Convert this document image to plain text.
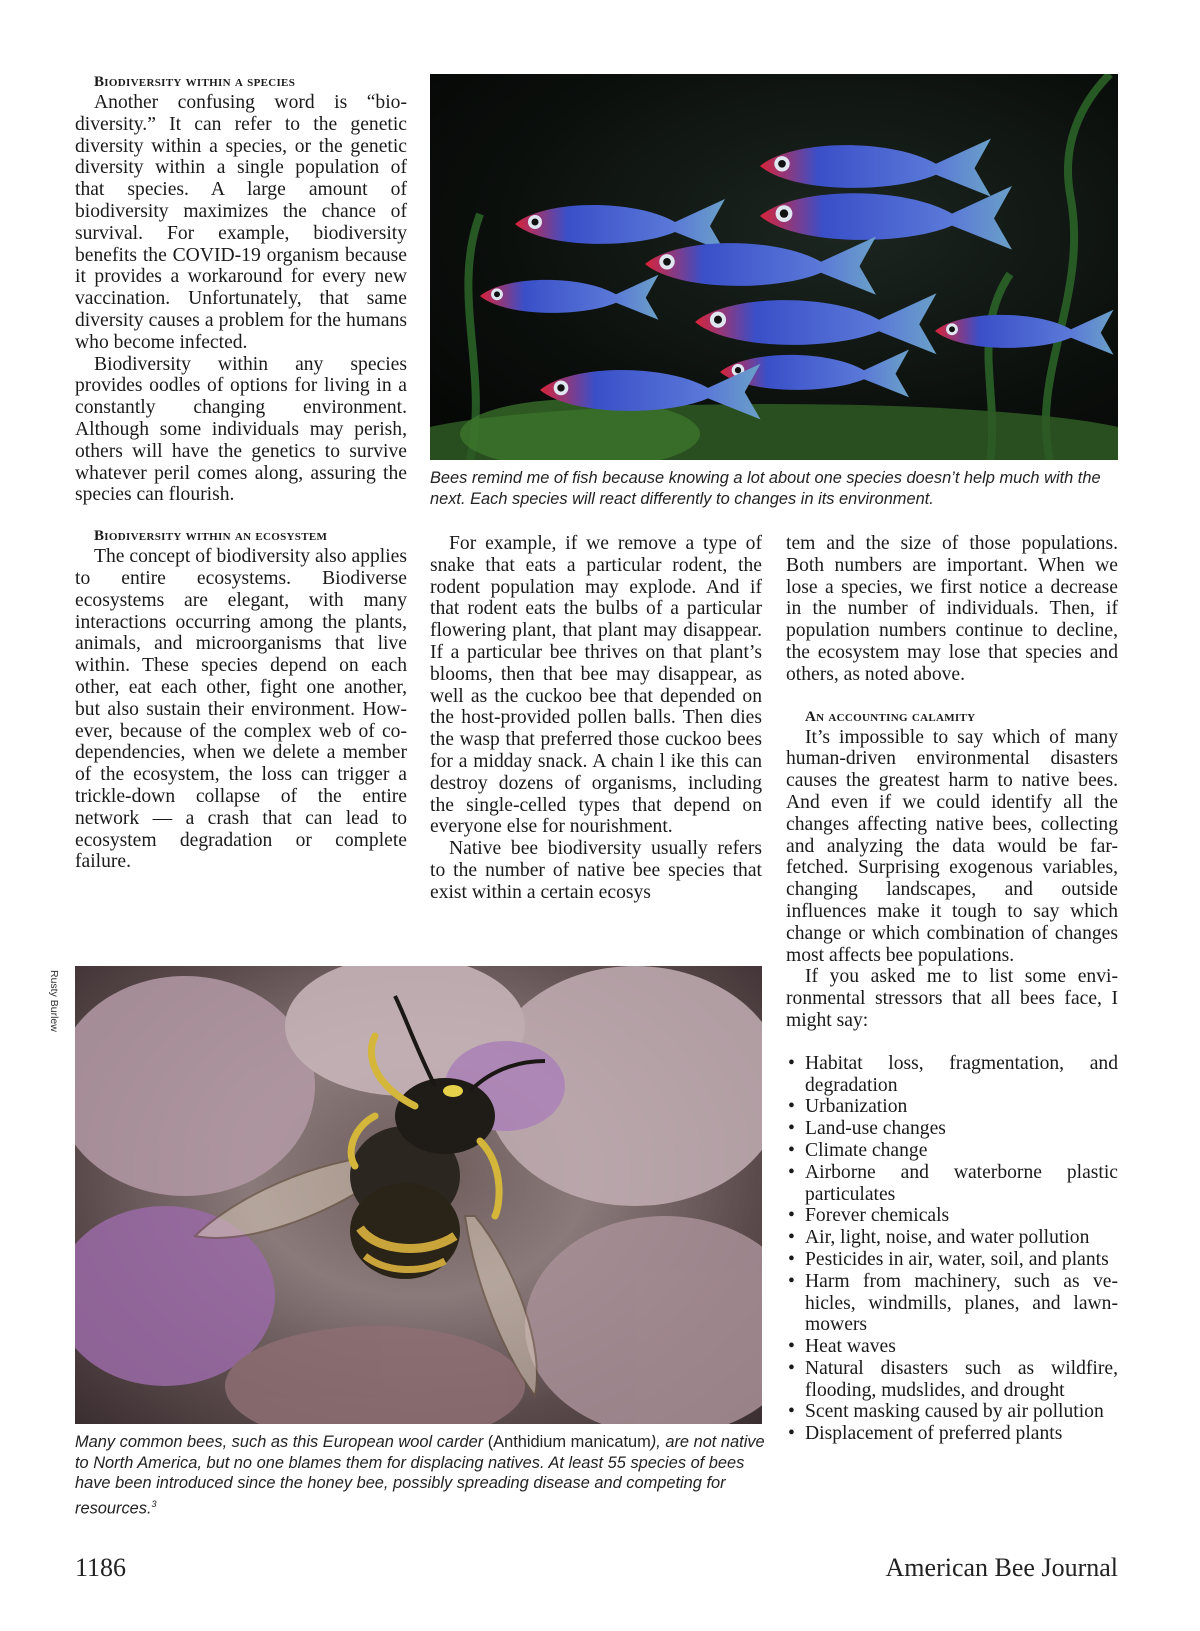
Biodiversity within a species

Another confusing word is “biodiversity.” It can refer to the genetic diversity within a species, or the genetic diversity within a single population of that species. A large amount of biodiversity maximizes the chance of survival. For example, biodiversity benefits the COVID-19 organism because it provides a workaround for every new vaccination. Unfortunately, that same diversity causes a problem for the humans who become infected.

Biodiversity within any species provides oodles of options for living in a constantly changing environment. Although some individuals may perish, others will have the genetics to survive whatever peril comes along, assuring the species can flourish.

Biodiversity within an ecosystem

The concept of biodiversity also applies to entire ecosystems. Biodiverse ecosystems are elegant, with many interactions occurring among the plants, animals, and microorganisms that live within. These species depend on each other, eat each other, fight one another, but also sustain their environment. However, because of the complex web of co-dependencies, when we delete a member of the ecosystem, the loss can trigger a trickle-down collapse of the entire network — a crash that can lead to ecosystem degradation or complete failure.

Bees remind me of fish because knowing a lot about one species doesn’t help much with the next. Each species will react differently to changes in its environment.

For example, if we remove a type of snake that eats a particular rodent, the rodent population may explode. And if that rodent eats the bulbs of a particular flowering plant, that plant may disappear. If a particular bee thrives on that plant’s blooms, then that bee may disappear, as well as the cuckoo bee that depended on the host-provided pollen balls. Then dies the wasp that preferred those cuckoo bees for a midday snack. A chain l ike this can destroy dozens of organisms, including the single-celled types that depend on everyone else for nourishment.

Native bee biodiversity usually refers to the number of native bee species that exist within a certain ecosys

tem and the size of those populations. Both numbers are important. When we lose a species, we first notice a decrease in the number of individuals. Then, if population numbers continue to decline, the ecosystem may lose that species and others, as noted above.

An accounting calamity

It’s impossible to say which of many human-driven environmental disasters causes the greatest harm to native bees. And even if we could identify all the changes affecting native bees, collecting and analyzing the data would be far-fetched. Surprising exogenous variables, changing landscapes, and outside influences make it tough to say which change or which combination of changes most affects bee populations.

If you asked me to list some environmental stressors that all bees face, I might say:

• Habitat loss, fragmentation, and degradation
• Urbanization
• Land-use changes
• Climate change
• Airborne and waterborne plastic particulates
• Forever chemicals
• Air, light, noise, and water pollution
• Pesticides in air, water, soil, and plants
• Harm from machinery, such as vehicles, windmills, planes, and lawnmowers
• Heat waves
• Natural disasters such as wildfire, flooding, mudslides, and drought
• Scent masking caused by air pollution
• Displacement of preferred plants
Rusty Burlew
Many common bees, such as this European wool carder (Anthidium manicatum), are not native to North America, but no one blames them for displacing natives. At least 55 species of bees have been introduced since the honey bee, possibly spreading disease and competing for resources.$^3$
1186	American Bee Journal
